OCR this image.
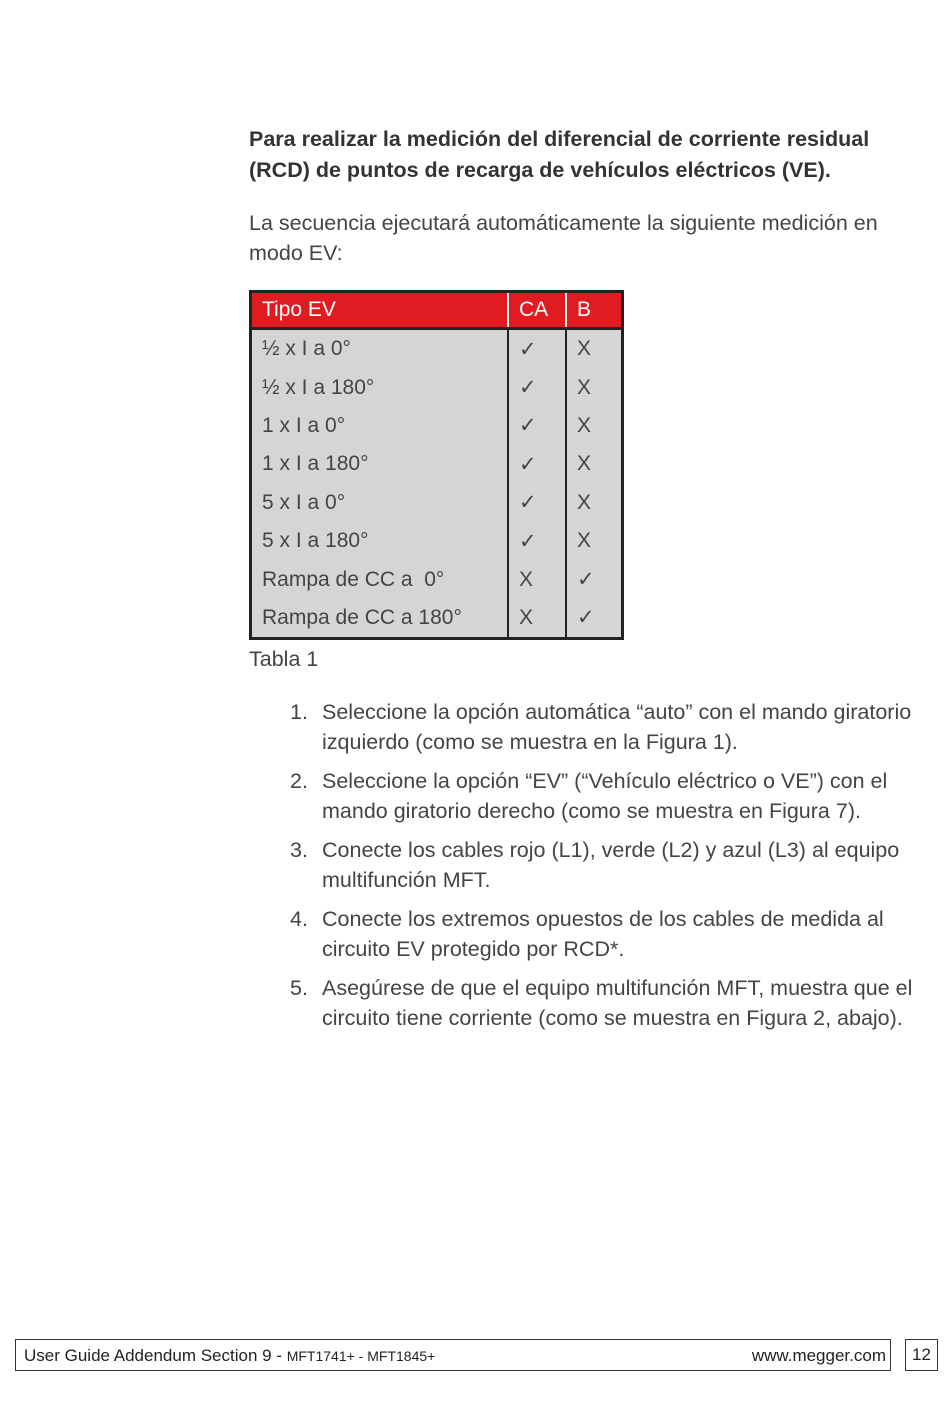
Para realizar la medición del diferencial de corriente residual (RCD) de puntos de recarga de vehículos eléctricos (VE).
La secuencia ejecutará automáticamente la siguiente medición en modo EV:
Tipo EV	CA	B
½ x I a 0°	✓	X
½ x I a 180°	✓	X
1 x I a 0°	✓	X
1 x I a 180°	✓	X
5 x I a 0°	✓	X
5 x I a 180°	✓	X
Rampa de CC a  0°	X	✓
Rampa de CC a 180°	X	✓
Tabla 1
1. Seleccione la opción automática “auto” con el mando giratorio izquierdo (como se muestra en la Figura 1).
2. Seleccione la opción “EV” (“Vehículo eléctrico o VE”) con el mando giratorio derecho (como se muestra en Figura 7).
3. Conecte los cables rojo (L1), verde (L2) y azul (L3) al equipo multifunción MFT.
4. Conecte los extremos opuestos de los cables de medida al circuito EV protegido por RCD*.
5. Asegúrese de que el equipo multifunción MFT, muestra que el circuito tiene corriente (como se muestra en Figura 2, abajo).
User Guide Addendum Section 9 - MFT1741+ - MFT1845+	www.megger.com	12
